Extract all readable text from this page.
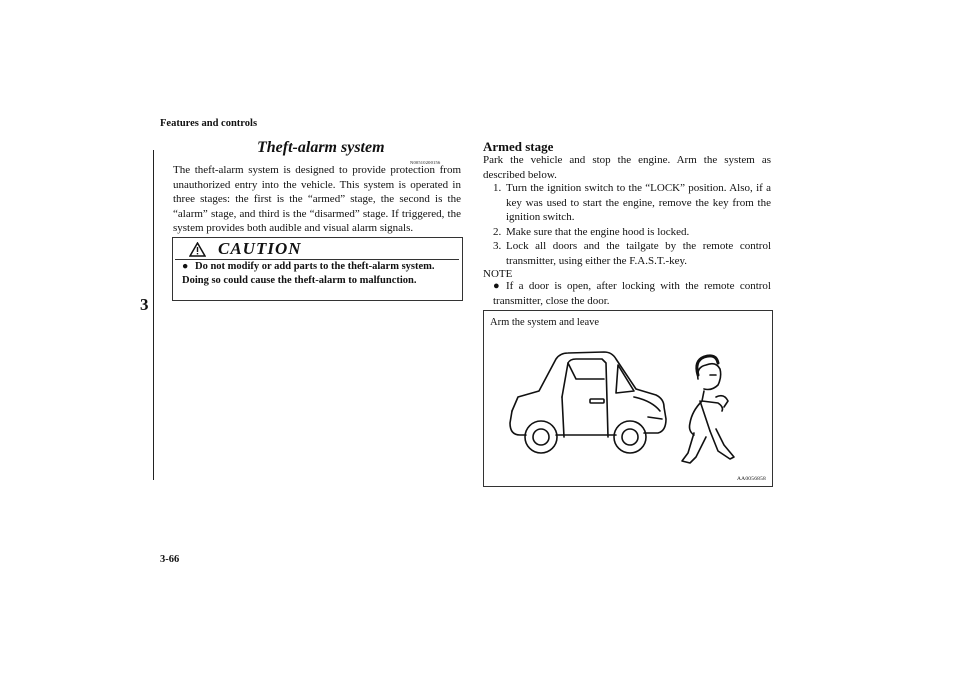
Features and controls
3
Theft-alarm system
N00510200156
The theft-alarm system is designed to provide protection from unauthorized entry into the vehicle. This system is operated in three stages: the first is the “armed” stage, the second is the “alarm” stage, and third is the “disarmed” stage. If triggered, the system provides both audible and visual alarm signals.
CAUTION
● Do not modify or add parts to the theft-alarm system. Doing so could cause the theft-alarm to malfunction.
Armed stage
Park the vehicle and stop the engine. Arm the system as described below.
1. Turn the ignition switch to the “LOCK” position. Also, if a key was used to start the engine, remove the key from the ignition switch.
2. Make sure that the engine hood is locked.
3. Lock all doors and the tailgate by the remote control transmitter, using either the F.A.S.T.-key.
NOTE
● If a door is open, after locking with the remote control transmitter, close the door.
Arm the system and leave
AA0056858
3-66
